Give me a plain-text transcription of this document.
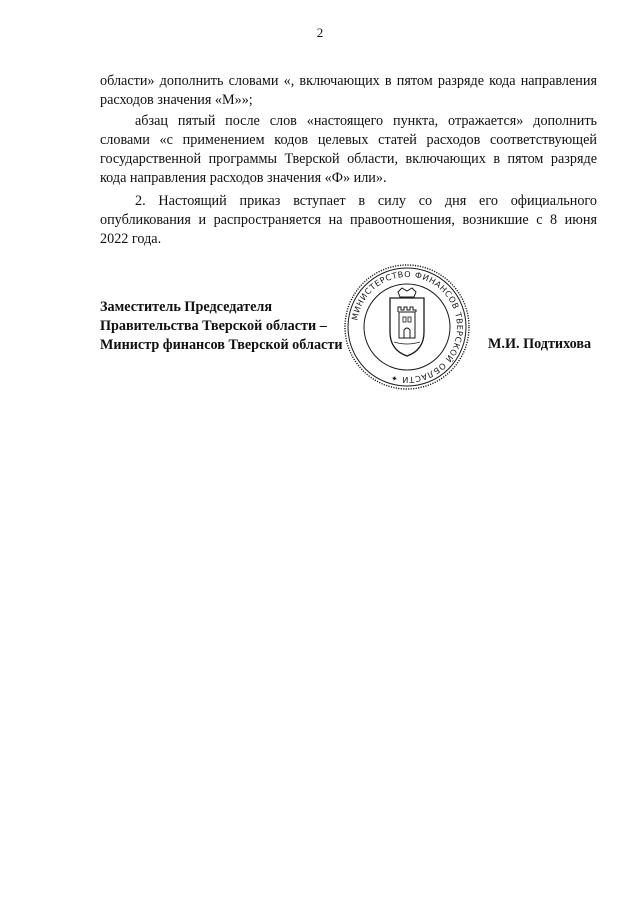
2

области» дополнить словами «, включающих в пятом разряде кода направления расходов значения «М»»;

абзац пятый после слов «настоящего пункта, отражается» дополнить словами «с применением кодов целевых статей расходов соответствующей государственной программы Тверской области, включающих в пятом разряде кода направления расходов значения «Ф» или».

2. Настоящий приказ вступает в силу со дня его официального опубликования и распространяется на правоотношения, возникшие с 8 июня 2022 года.

Заместитель Председателя
Правительства Тверской области –
Министр финансов Тверской области	М.И. Подтихова
МИНИСТЕРСТВО ФИНАНСОВ ТВЕРСКОЙ ОБЛАСТИ ✦
